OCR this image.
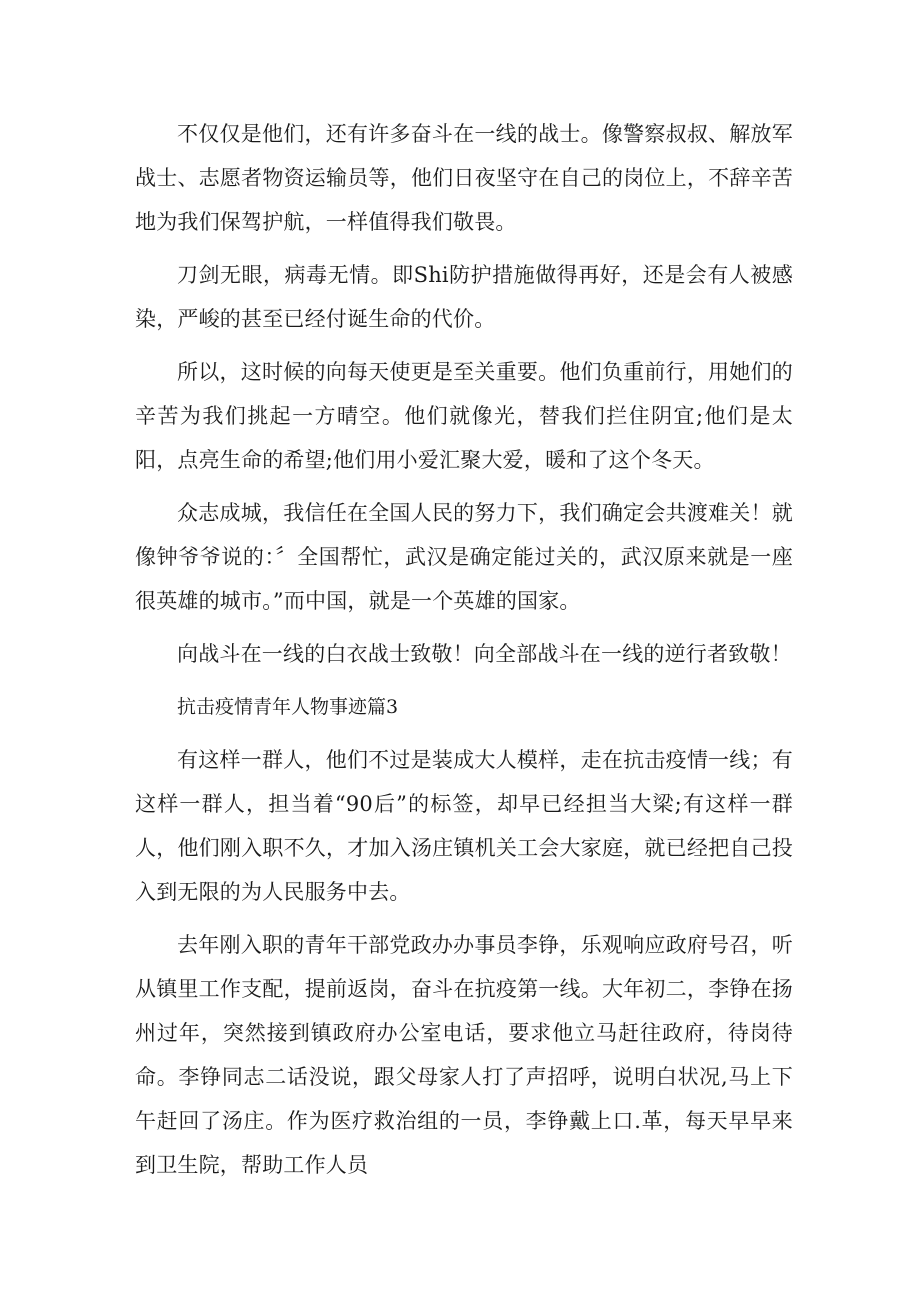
不仅仅是他们，还有许多奋斗在一线的战士。像警察叔叔、解放军战士、志愿者物资运输员等，他们日夜坚守在自己的岗位上，不辞辛苦地为我们保驾护航，一样值得我们敬畏。

刀剑无眼，病毒无情。即Shi防护措施做得再好，还是会有人被感染，严峻的甚至已经付诞生命的代价。

所以，这时候的向每天使更是至关重要。他们负重前行，用她们的辛苦为我们挑起一方晴空。他们就像光，替我们拦住阴宜;他们是太阳，点亮生命的希望;他们用小爱汇聚大爱，暖和了这个冬天。

众志成城，我信任在全国人民的努力下，我们确定会共渡难关！就像钟爷爷说的：〞全国帮忙，武汉是确定能过关的，武汉原来就是一座很英雄的城市。”而中国，就是一个英雄的国家。

向战斗在一线的白衣战士致敬！向全部战斗在一线的逆行者致敬！

抗击疫情青年人物事迹篇3

有这样一群人，他们不过是装成大人模样，走在抗击疫情一线；有这样一群人，担当着“90后”的标签，却早已经担当大梁;有这样一群人，他们刚入职不久，才加入汤庄镇机关工会大家庭，就已经把自己投入到无限的为人民服务中去。

去年刚入职的青年干部党政办办事员李铮，乐观响应政府号召，听从镇里工作支配，提前返岗，奋斗在抗疫第一线。大年初二，李铮在扬州过年，突然接到镇政府办公室电话，要求他立马赶往政府，待岗待命。李铮同志二话没说，跟父母家人打了声招呼，说明白状况,马上下午赶回了汤庄。作为医疗救治组的一员，李铮戴上口.革，每天早早来到卫生院，帮助工作人员
